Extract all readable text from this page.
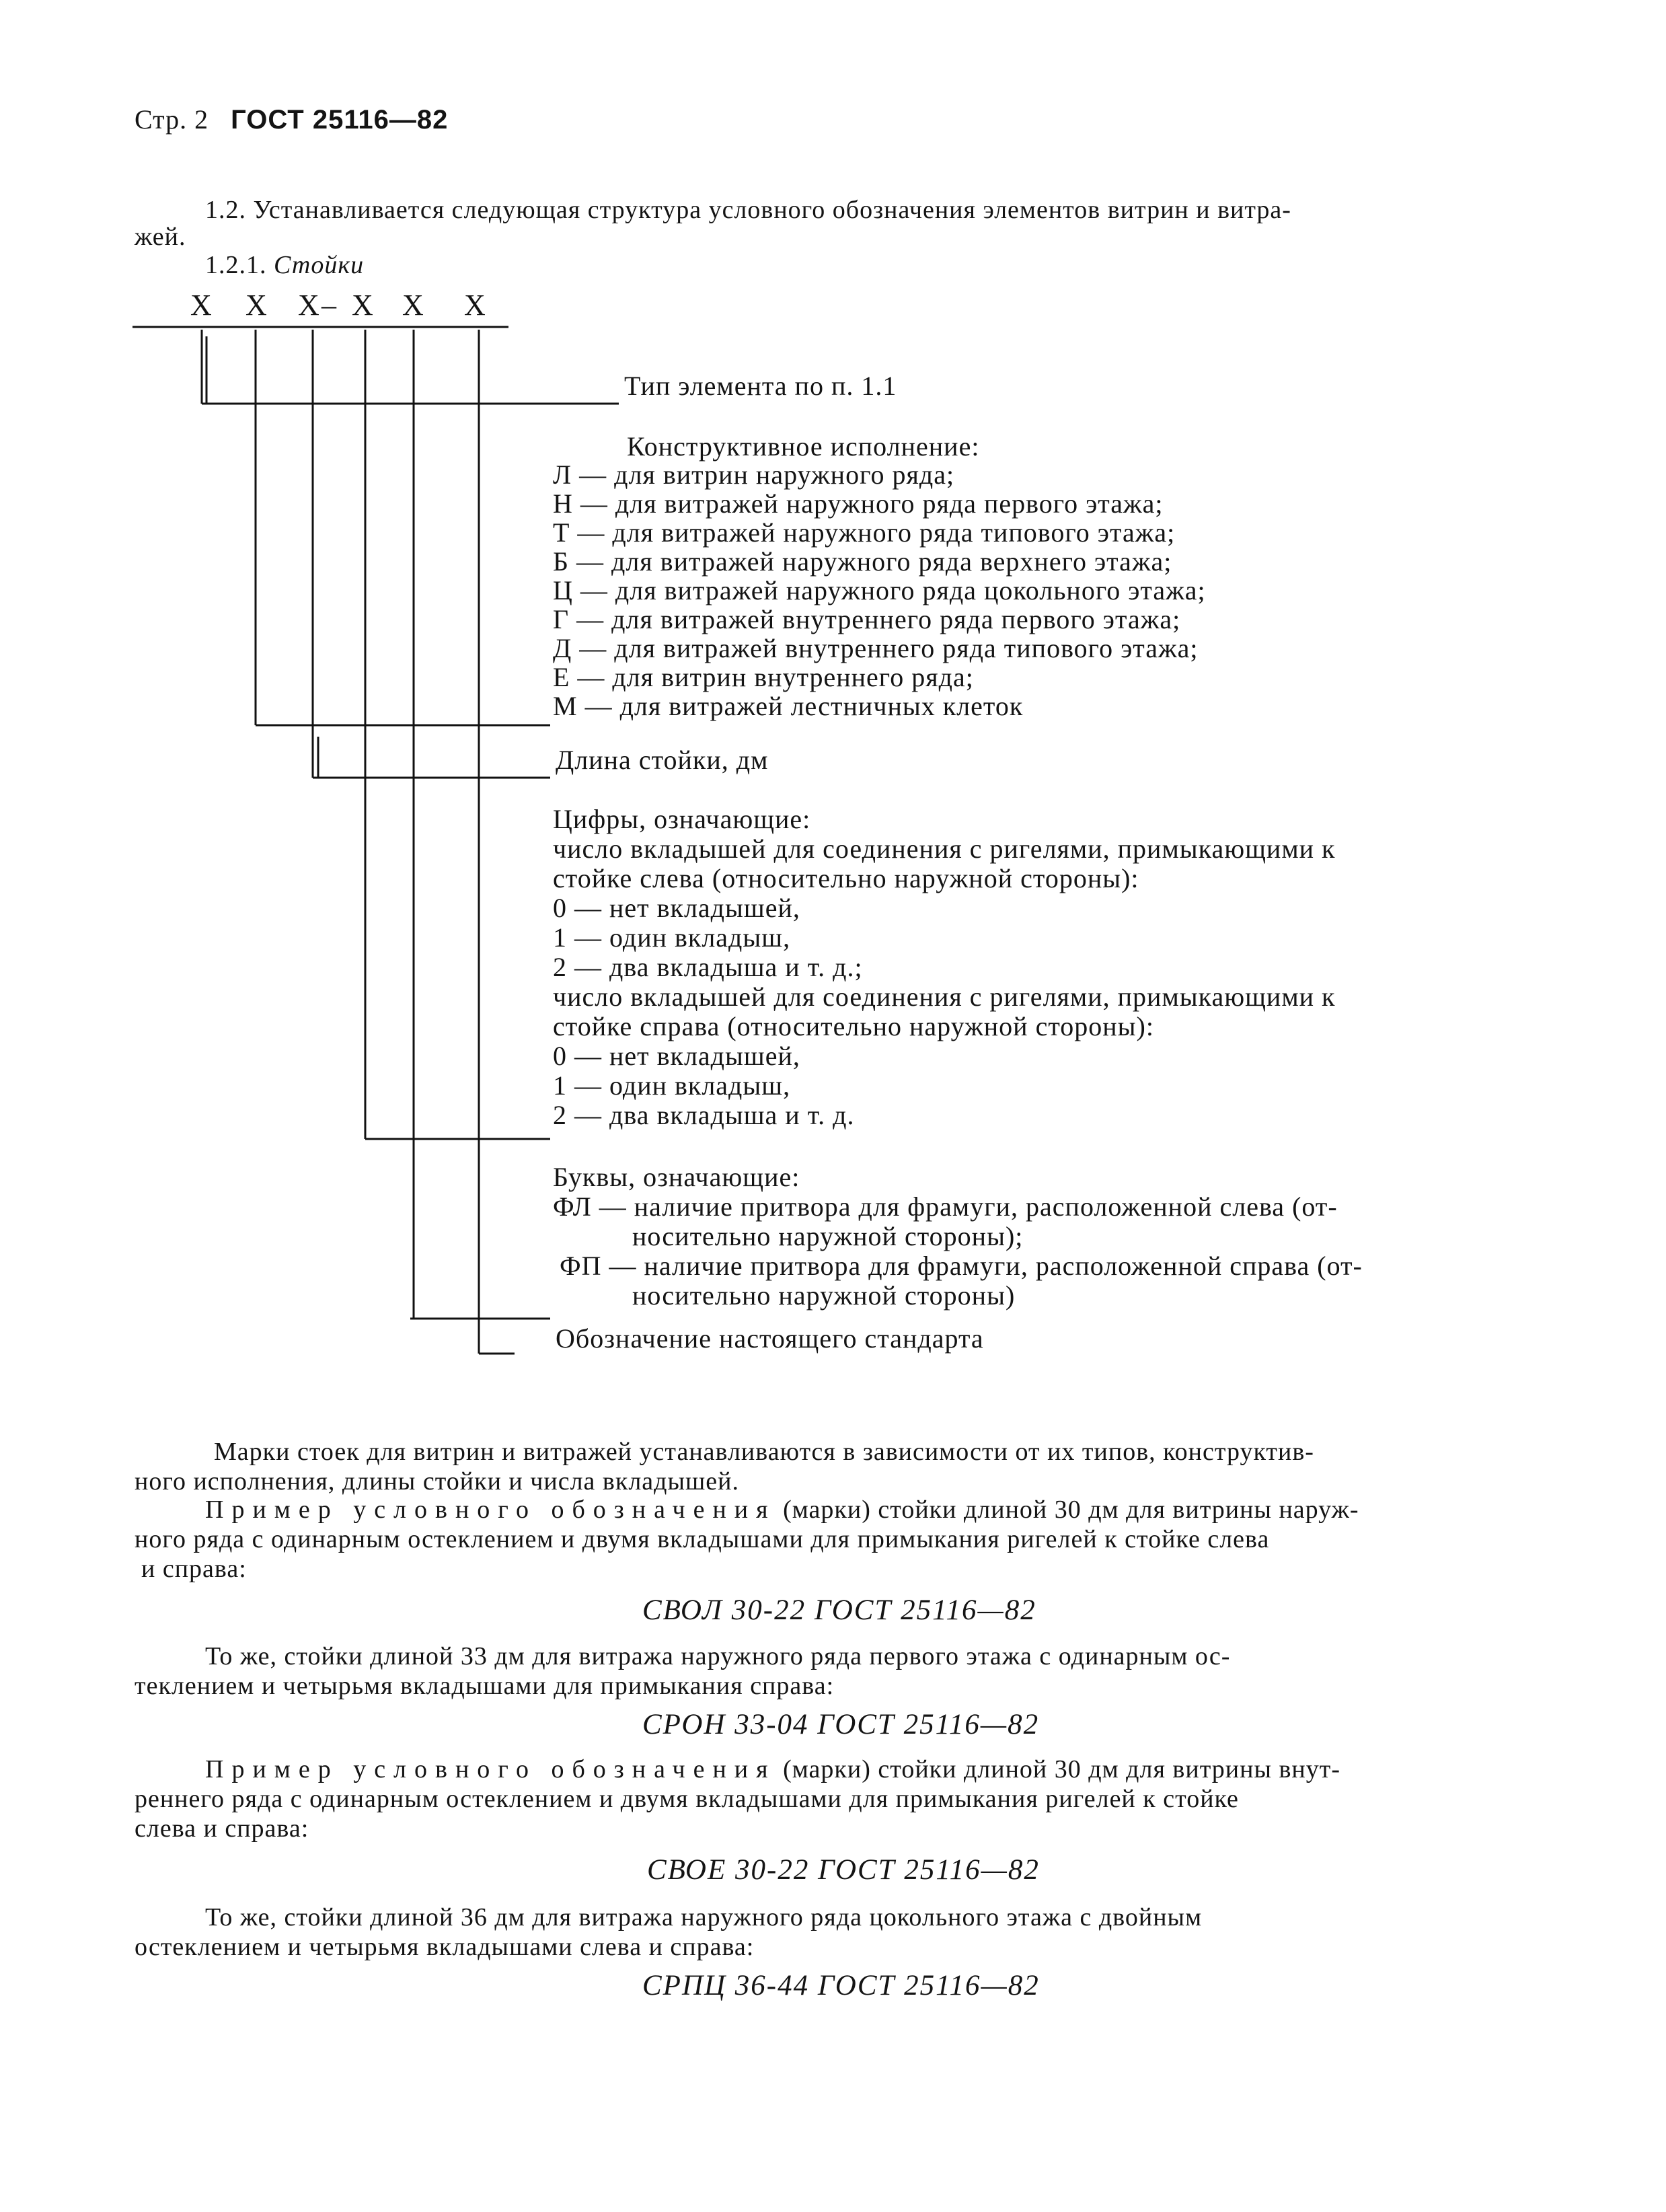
Стр. 2 ГОСТ 25116—82
1.2. Устанавливается следующая структура условного обозначения элементов витрин и витра-
жей.
1.2.1. Стойки
Х Х Х – Х Х Х
Тип элемента по п. 1.1
Конструктивное исполнение:
Л — для витрин наружного ряда;
Н — для витражей наружного ряда первого этажа;
Т — для витражей наружного ряда типового этажа;
Б — для витражей наружного ряда верхнего этажа;
Ц — для витражей наружного ряда цокольного этажа;
Г — для витражей внутреннего ряда первого этажа;
Д — для витражей внутреннего ряда типового этажа;
Е — для витрин внутреннего ряда;
М — для витражей лестничных клеток
Длина стойки, дм
Цифры, означающие:
число вкладышей для соединения с ригелями, примыкающими к
стойке слева (относительно наружной стороны):
0 — нет вкладышей,
1 — один вкладыш,
2 — два вкладыша и т. д.;
число вкладышей для соединения с ригелями, примыкающими к
стойке справа (относительно наружной стороны):
0 — нет вкладышей,
1 — один вкладыш,
2 — два вкладыша и т. д.
Буквы, означающие:
ФЛ — наличие притвора для фрамуги, расположенной слева (от-
носительно наружной стороны);
ФП — наличие притвора для фрамуги, расположенной справа (от-
носительно наружной стороны)
Обозначение настоящего стандарта
Марки стоек для витрин и витражей устанавливаются в зависимости от их типов, конструктив-
ного исполнения, длины стойки и числа вкладышей.
Пример условного обозначения (марки) стойки длиной 30 дм для витрины наруж-
ного ряда с одинарным остеклением и двумя вкладышами для примыкания ригелей к стойке слева
и справа:
СВОЛ 30-22 ГОСТ 25116—82
То же, стойки длиной 33 дм для витража наружного ряда первого этажа с одинарным ос-
теклением и четырьмя вкладышами для примыкания справа:
СРОН 33-04 ГОСТ 25116—82
Пример условного обозначения (марки) стойки длиной 30 дм для витрины внут-
реннего ряда с одинарным остеклением и двумя вкладышами для примыкания ригелей к стойке
слева и справа:
СВОЕ 30-22 ГОСТ 25116—82
То же, стойки длиной 36 дм для витража наружного ряда цокольного этажа с двойным
остеклением и четырьмя вкладышами слева и справа:
СРПЦ 36-44 ГОСТ 25116—82
